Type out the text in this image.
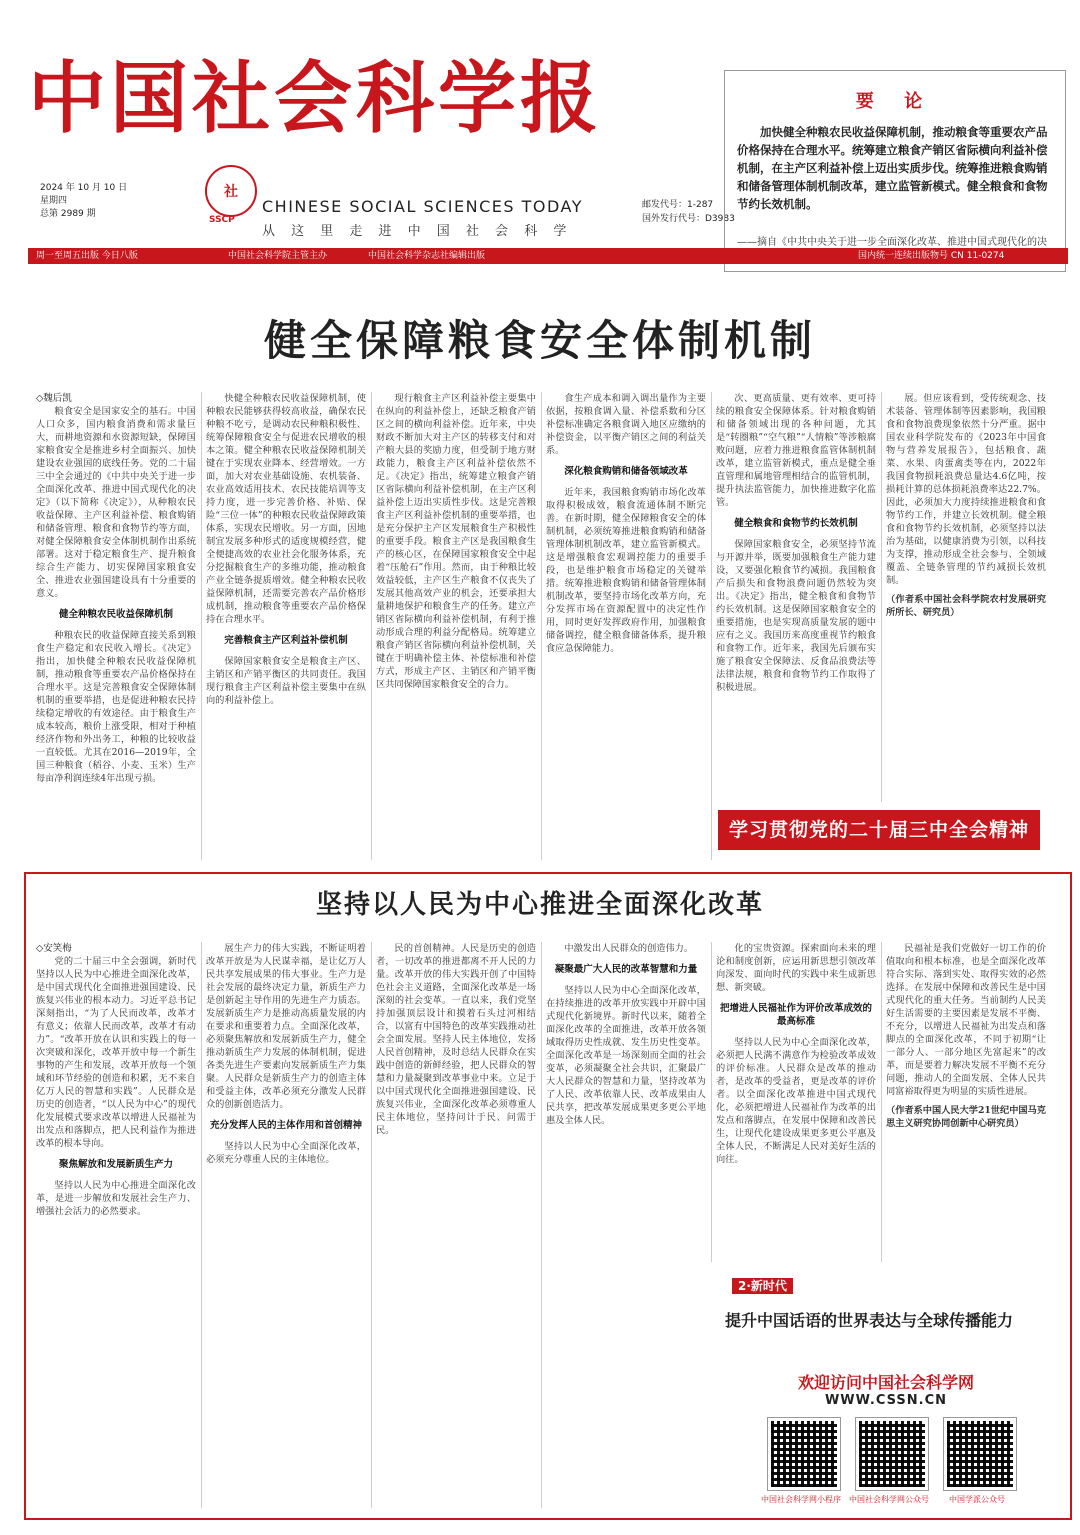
中国社会科学报
2024 年 10 月 10 日
星期四
总第 2989 期
社
SSCP
CHINESE SOCIAL SCIENCES TODAY
从 这 里 走 进 中 国 社 会 科 学
邮发代号：1-287
国外发行代号：D3983
要 论
加快健全种粮农民收益保障机制，推动粮食等重要农产品价格保持在合理水平。统筹建立粮食产销区省际横向利益补偿机制，在主产区利益补偿上迈出实质步伐。统筹推进粮食购销和储备管理体制机制改革，建立监管新模式。健全粮食和食物节约长效机制。
——摘自《中共中央关于进一步全面深化改革、推进中国式现代化的决
周一至周五出版 今日八版	中国社会科学院主管主办	中国社会科学杂志社编辑出版	国内统一连续出版物号 CN 11-0274
健全保障粮食安全体制机制
◇魏后凯

粮食安全是国家安全的基石。中国人口众多，国内粮食消费和需求量巨大，而耕地资源和水资源短缺，保障国家粮食安全是推进乡村全面振兴、加快建设农业强国的底线任务。党的二十届三中全会通过的《中共中央关于进一步全面深化改革、推进中国式现代化的决定》（以下简称《决定》），从种粮农民收益保障、主产区利益补偿、粮食购销和储备管理、粮食和食物节约等方面，对健全保障粮食安全体制机制作出系统部署。这对于稳定粮食生产、提升粮食综合生产能力、切实保障国家粮食安全、推进农业强国建设具有十分重要的意义。

健全种粮农民收益保障机制

种粮农民的收益保障直接关系到粮食生产稳定和农民收入增长。《决定》指出，加快健全种粮农民收益保障机制，推动粮食等重要农产品价格保持在合理水平。这是完善粮食安全保障体制机制的重要举措，也是促进种粮农民持续稳定增收的有效途径。由于粮食生产成本较高，粮价上涨受限，相对于种植经济作物和外出务工，种粮的比较收益一直较低。尤其在2016—2019年，全国三种粮食（稻谷、小麦、玉米）生产每亩净利润连续4年出现亏损。

快健全种粮农民收益保障机制，使种粮农民能够获得较高收益，确保农民种粮不吃亏，是调动农民种粮积极性、统筹保障粮食安全与促进农民增收的根本之策。健全种粮农民收益保障机制关键在于实现农业降本、经营增效。一方面，加大对农业基础设施、农机装备、农业高效适用技术、农民技能培训等支持力度，进一步完善价格、补贴、保险“三位一体”的种粮农民收益保障政策体系，实现农民增收。另一方面，因地制宜发展多种形式的适度规模经营，健全便捷高效的农业社会化服务体系，充分挖掘粮食生产的多维功能，推动粮食产业全链条提质增效。健全种粮农民收益保障机制，还需要完善农产品价格形成机制，推动粮食等重要农产品价格保持在合理水平。

完善粮食主产区利益补偿机制

保障国家粮食安全是粮食主产区、主销区和产销平衡区的共同责任。我国现行粮食主产区利益补偿主要集中在纵向的利益补偿上。

现行粮食主产区利益补偿主要集中在纵向的利益补偿上，还缺乏粮食产销区之间的横向利益补偿。近年来，中央财政不断加大对主产区的转移支付和对产粮大县的奖励力度，但受制于地方财政能力，粮食主产区利益补偿依然不足。《决定》指出，统筹建立粮食产销区省际横向利益补偿机制，在主产区利益补偿上迈出实质性步伐。这是完善粮食主产区利益补偿机制的重要举措，也是充分保护主产区发展粮食生产积极性的重要手段。粮食主产区是我国粮食生产的核心区，在保障国家粮食安全中起着“压舱石”作用。然而，由于种粮比较效益较低，主产区生产粮食不仅丧失了发展其他高效产业的机会，还要承担大量耕地保护和粮食生产的任务。建立产销区省际横向利益补偿机制，有利于推动形成合理的利益分配格局。统筹建立粮食产销区省际横向利益补偿机制，关键在于明确补偿主体、补偿标准和补偿方式，形成主产区、主销区和产销平衡区共同保障国家粮食安全的合力。

食生产成本和调入调出量作为主要依据，按粮食调入量、补偿系数和分区补偿标准确定各粮食调入地区应缴纳的补偿资金，以平衡产销区之间的利益关系。

深化粮食购销和储备领域改革

近年来，我国粮食购销市场化改革取得积极成效，粮食流通体制不断完善。在新时期，健全保障粮食安全的体制机制，必须统筹推进粮食购销和储备管理体制机制改革，建立监管新模式。这是增强粮食宏观调控能力的重要手段，也是维护粮食市场稳定的关键举措。统筹推进粮食购销和储备管理体制机制改革，要坚持市场化改革方向，充分发挥市场在资源配置中的决定性作用，同时更好发挥政府作用，加强粮食储备调控，健全粮食储备体系，提升粮食应急保障能力。

次、更高质量、更有效率、更可持续的粮食安全保障体系。针对粮食购销和储备领域出现的各种问题，尤其是“转圈粮”“空气粮”“人情粮”等涉粮腐败问题，应着力推进粮食监管体制机制改革，建立监管新模式，重点是健全垂直管理和属地管理相结合的监管机制，提升执法监管能力，加快推进数字化监管。

健全粮食和食物节约长效机制

保障国家粮食安全，必须坚持节流与开源并举，既要加强粮食生产能力建设，又要强化粮食节约减损。我国粮食产后损失和食物浪费问题仍然较为突出。《决定》指出，健全粮食和食物节约长效机制。这是保障国家粮食安全的重要措施，也是实现高质量发展的题中应有之义。我国历来高度重视节约粮食和食物工作。近年来，我国先后颁布实施了粮食安全保障法、反食品浪费法等法律法规，粮食和食物节约工作取得了积极进展。

展。但应该看到，受传统观念、技术装备、管理体制等因素影响，我国粮食和食物浪费现象依然十分严重。据中国农业科学院发布的《2023年中国食物与营养发展报告》，包括粮食、蔬菜、水果、肉蛋禽类等在内，2022年我国食物损耗浪费总量达4.6亿吨，按损耗计算的总体损耗浪费率达22.7%。因此，必须加大力度持续推进粮食和食物节约工作，并建立长效机制。健全粮食和食物节约长效机制，必须坚持以法治为基础，以健康消费为引领，以科技为支撑，推动形成全社会参与、全领域覆盖、全链条管理的节约减损长效机制。

（作者系中国社会科学院农村发展研究所所长、研究员）
学习贯彻党的二十届三中全会精神
坚持以人民为中心推进全面深化改革
◇安笑梅

党的二十届三中全会强调，新时代坚持以人民为中心推进全面深化改革，是中国式现代化全面推进强国建设、民族复兴伟业的根本动力。习近平总书记深刻指出，“为了人民而改革，改革才有意义；依靠人民而改革，改革才有动力”。“改革开放在认识和实践上的每一次突破和深化，改革开放中每一个新生事物的产生和发展，改革开放每一个领域和环节经验的创造和积累，无不来自亿万人民的智慧和实践”。人民群众是历史的创造者，“以人民为中心”的现代化发展模式要求改革以增进人民福祉为出发点和落脚点，把人民利益作为推进改革的根本导向。

聚焦解放和发展新质生产力

坚持以人民为中心推进全面深化改革，是进一步解放和发展社会生产力、增强社会活力的必然要求。

展生产力的伟大实践，不断证明着改革开放是为人民谋幸福，是让亿万人民共享发展成果的伟大事业。生产力是社会发展的最终决定力量，新质生产力是创新起主导作用的先进生产力质态。发展新质生产力是推动高质量发展的内在要求和重要着力点。全面深化改革，必须聚焦解放和发展新质生产力，健全推动新质生产力发展的体制机制，促进各类先进生产要素向发展新质生产力集聚。人民群众是新质生产力的创造主体和受益主体，改革必须充分激发人民群众的创新创造活力。

充分发挥人民的主体作用和首创精神

坚持以人民为中心全面深化改革，必须充分尊重人民的主体地位。

民的首创精神。人民是历史的创造者，一切改革的推进都离不开人民的力量。改革开放的伟大实践开创了中国特色社会主义道路，全面深化改革是一场深刻的社会变革。一直以来，我们党坚持加强顶层设计和摸着石头过河相结合，以富有中国特色的改革实践推动社会全面发展。坚持人民主体地位，发扬人民首创精神，及时总结人民群众在实践中创造的新鲜经验，把人民群众的智慧和力量凝聚到改革事业中来。立足于以中国式现代化全面推进强国建设、民族复兴伟业，全面深化改革必须尊重人民主体地位，坚持问计于民、问需于民。

中激发出人民群众的创造伟力。

凝聚最广大人民的改革智慧和力量

坚持以人民为中心全面深化改革，在持续推进的改革开放实践中开辟中国式现代化新境界。新时代以来，随着全面深化改革的全面推进，改革开放各领域取得历史性成就、发生历史性变革。全面深化改革是一场深刻而全面的社会变革，必须凝聚全社会共识，汇聚最广大人民群众的智慧和力量，坚持改革为了人民、改革依靠人民、改革成果由人民共享，把改革发展成果更多更公平地惠及全体人民。

化的宝贵资源。探索面向未来的理论和制度创新，应运用新思想引领改革向深发、面向时代的实践中来生成新思想、新突破。

把增进人民福祉作为评价改革成效的最高标准

坚持以人民为中心全面深化改革，必须把人民满不满意作为检验改革成效的评价标准。人民群众是改革的推动者，是改革的受益者，更是改革的评价者。以全面深化改革推进中国式现代化，必须把增进人民福祉作为改革的出发点和落脚点，在发展中保障和改善民生，让现代化建设成果更多更公平惠及全体人民，不断满足人民对美好生活的向往。

民福祉是我们党做好一切工作的价值取向和根本标准，也是全面深化改革符合实际、落到实处、取得实效的必然选择。在发展中保障和改善民生是中国式现代化的重大任务。当前制约人民美好生活需要的主要因素是发展不平衡、不充分，以增进人民福祉为出发点和落脚点的全面深化改革，不同于初期“让一部分人、一部分地区先富起来”的改革，而是要着力解决发展不平衡不充分问题，推动人的全面发展、全体人民共同富裕取得更为明显的实质性进展。

（作者系中国人民大学21世纪中国马克思主义研究协同创新中心研究员）
2·新时代
提升中国话语的世界表达与全球传播能力
欢迎访问中国社会科学网
WWW.CSSN.CN
中国社会科学网小程序	中国社会科学网公众号	中国学派公众号
